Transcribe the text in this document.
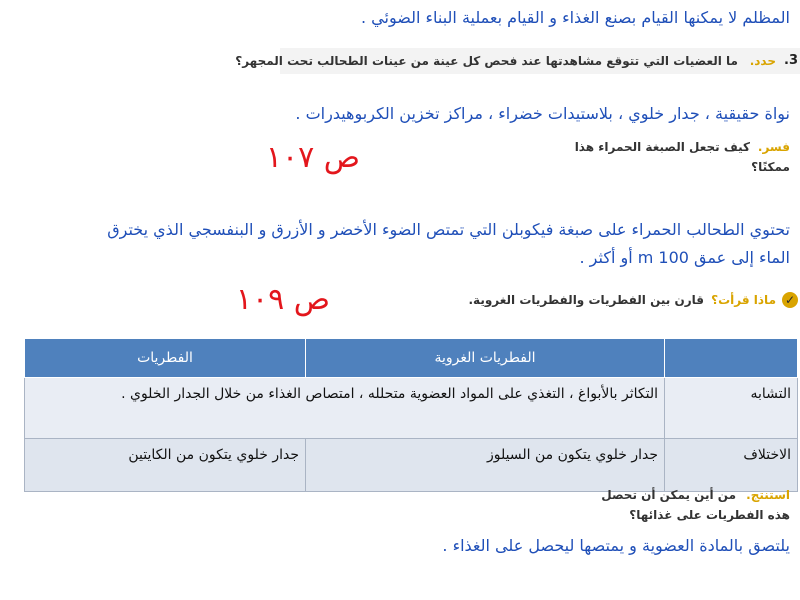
المظلم لا يمكنها القيام بصنع الغذاء و القيام بعملية البناء الضوئي .
3.
حدد.
ما العضيات التي تتوقع مشاهدتها عند فحص كل عينة من عينات الطحالب تحت المجهر؟
نواة حقيقية ، جدار خلوي ، بلاستيدات خضراء ، مراكز تخزين الكربوهيدرات .
ص ١٠٧	فسر.
كيف تجعل الصبغة الحمراء هذا
ممكنًا؟
تحتوي الطحالب الحمراء على صبغة فيكوبلن التي تمتص الضوء الأخضر و الأزرق و البنفسجي الذي يخترق
الماء إلى عمق 100 m أو أكثر .
ص ١٠٩	✓
ماذا قرأت؟
قارن بين الفطريات والفطريات الغروية.
	الفطريات الغروية	الفطريات
التشابه	التكاثر بالأبواغ ، التغذي على المواد العضوية متحلله ، امتصاص الغذاء من خلال الجدار الخلوي .	
الاختلاف	جدار خلوي يتكون من السيلوز	جدار خلوي يتكون من الكايتين
استنتج.
من أين يمكن أن تحصل
هذه الفطريات على غذائها؟
يلتصق بالمادة العضوية و يمتصها ليحصل على الغذاء .
